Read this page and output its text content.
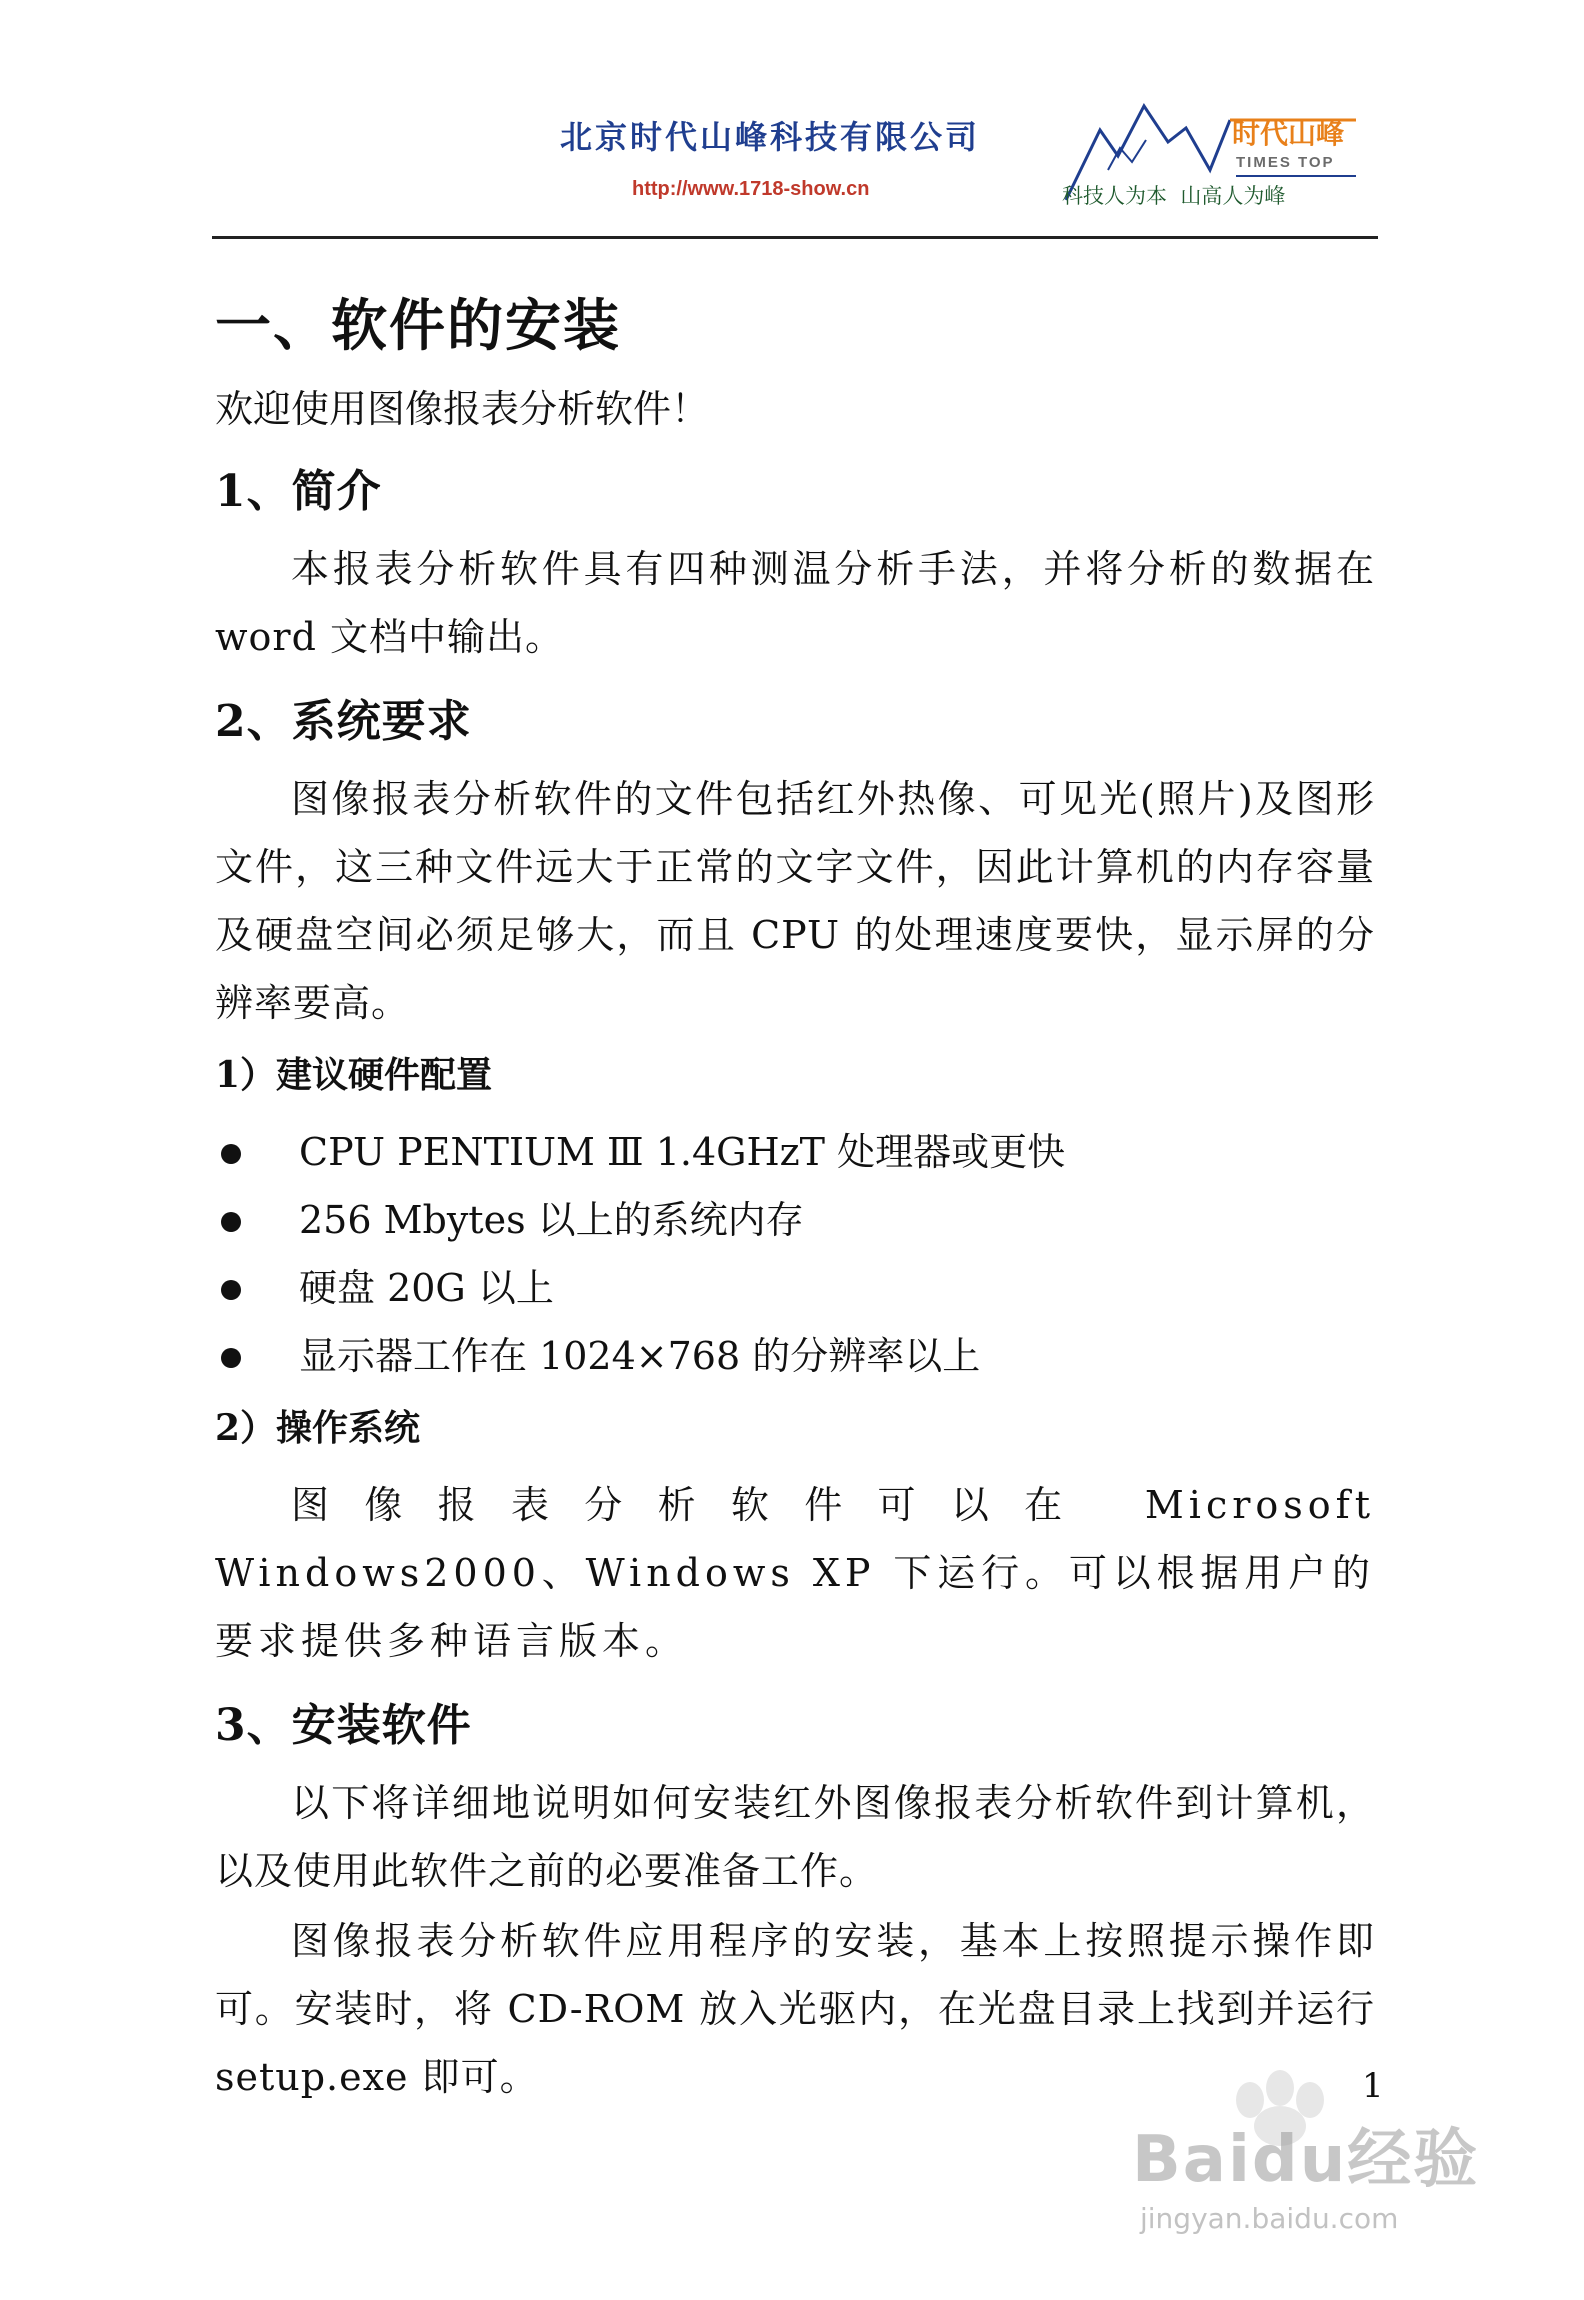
北京时代山峰科技有限公司
http://www.1718-show.cn
时代山峰
TIMES TOP
科技人为本  山高人为峰
一、软件的安装
欢迎使用图像报表分析软件！
1、简介

本报表分析软件具有四种测温分析手法，并将分析的数据在word 文档中输出。

2、系统要求

图像报表分析软件的文件包括红外热像、可见光(照片)及图形文件，这三种文件远大于正常的文字文件，因此计算机的内存容量及硬盘空间必须足够大，而且 CPU 的处理速度要快，显示屏的分辨率要高。

1）建议硬件配置
CPU PENTIUM Ⅲ 1.4GHzT 处理器或更快
256 Mbytes 以上的系统内存
硬盘 20G 以上
显示器工作在 1024×768 的分辨率以上
2）操作系统

图像报表分析软件可以在 Microsoft Windows2000、Windows XP 下运行。可以根据用户的要求提供多种语言版本。

3、安装软件

以下将详细地说明如何安装红外图像报表分析软件到计算机，以及使用此软件之前的必要准备工作。

图像报表分析软件应用程序的安装，基本上按照提示操作即可。安装时，将 CD-ROM 放入光驱内，在光盘目录上找到并运行 setup.exe 即可。	1
Baidu经验
jingyan.baidu.com
